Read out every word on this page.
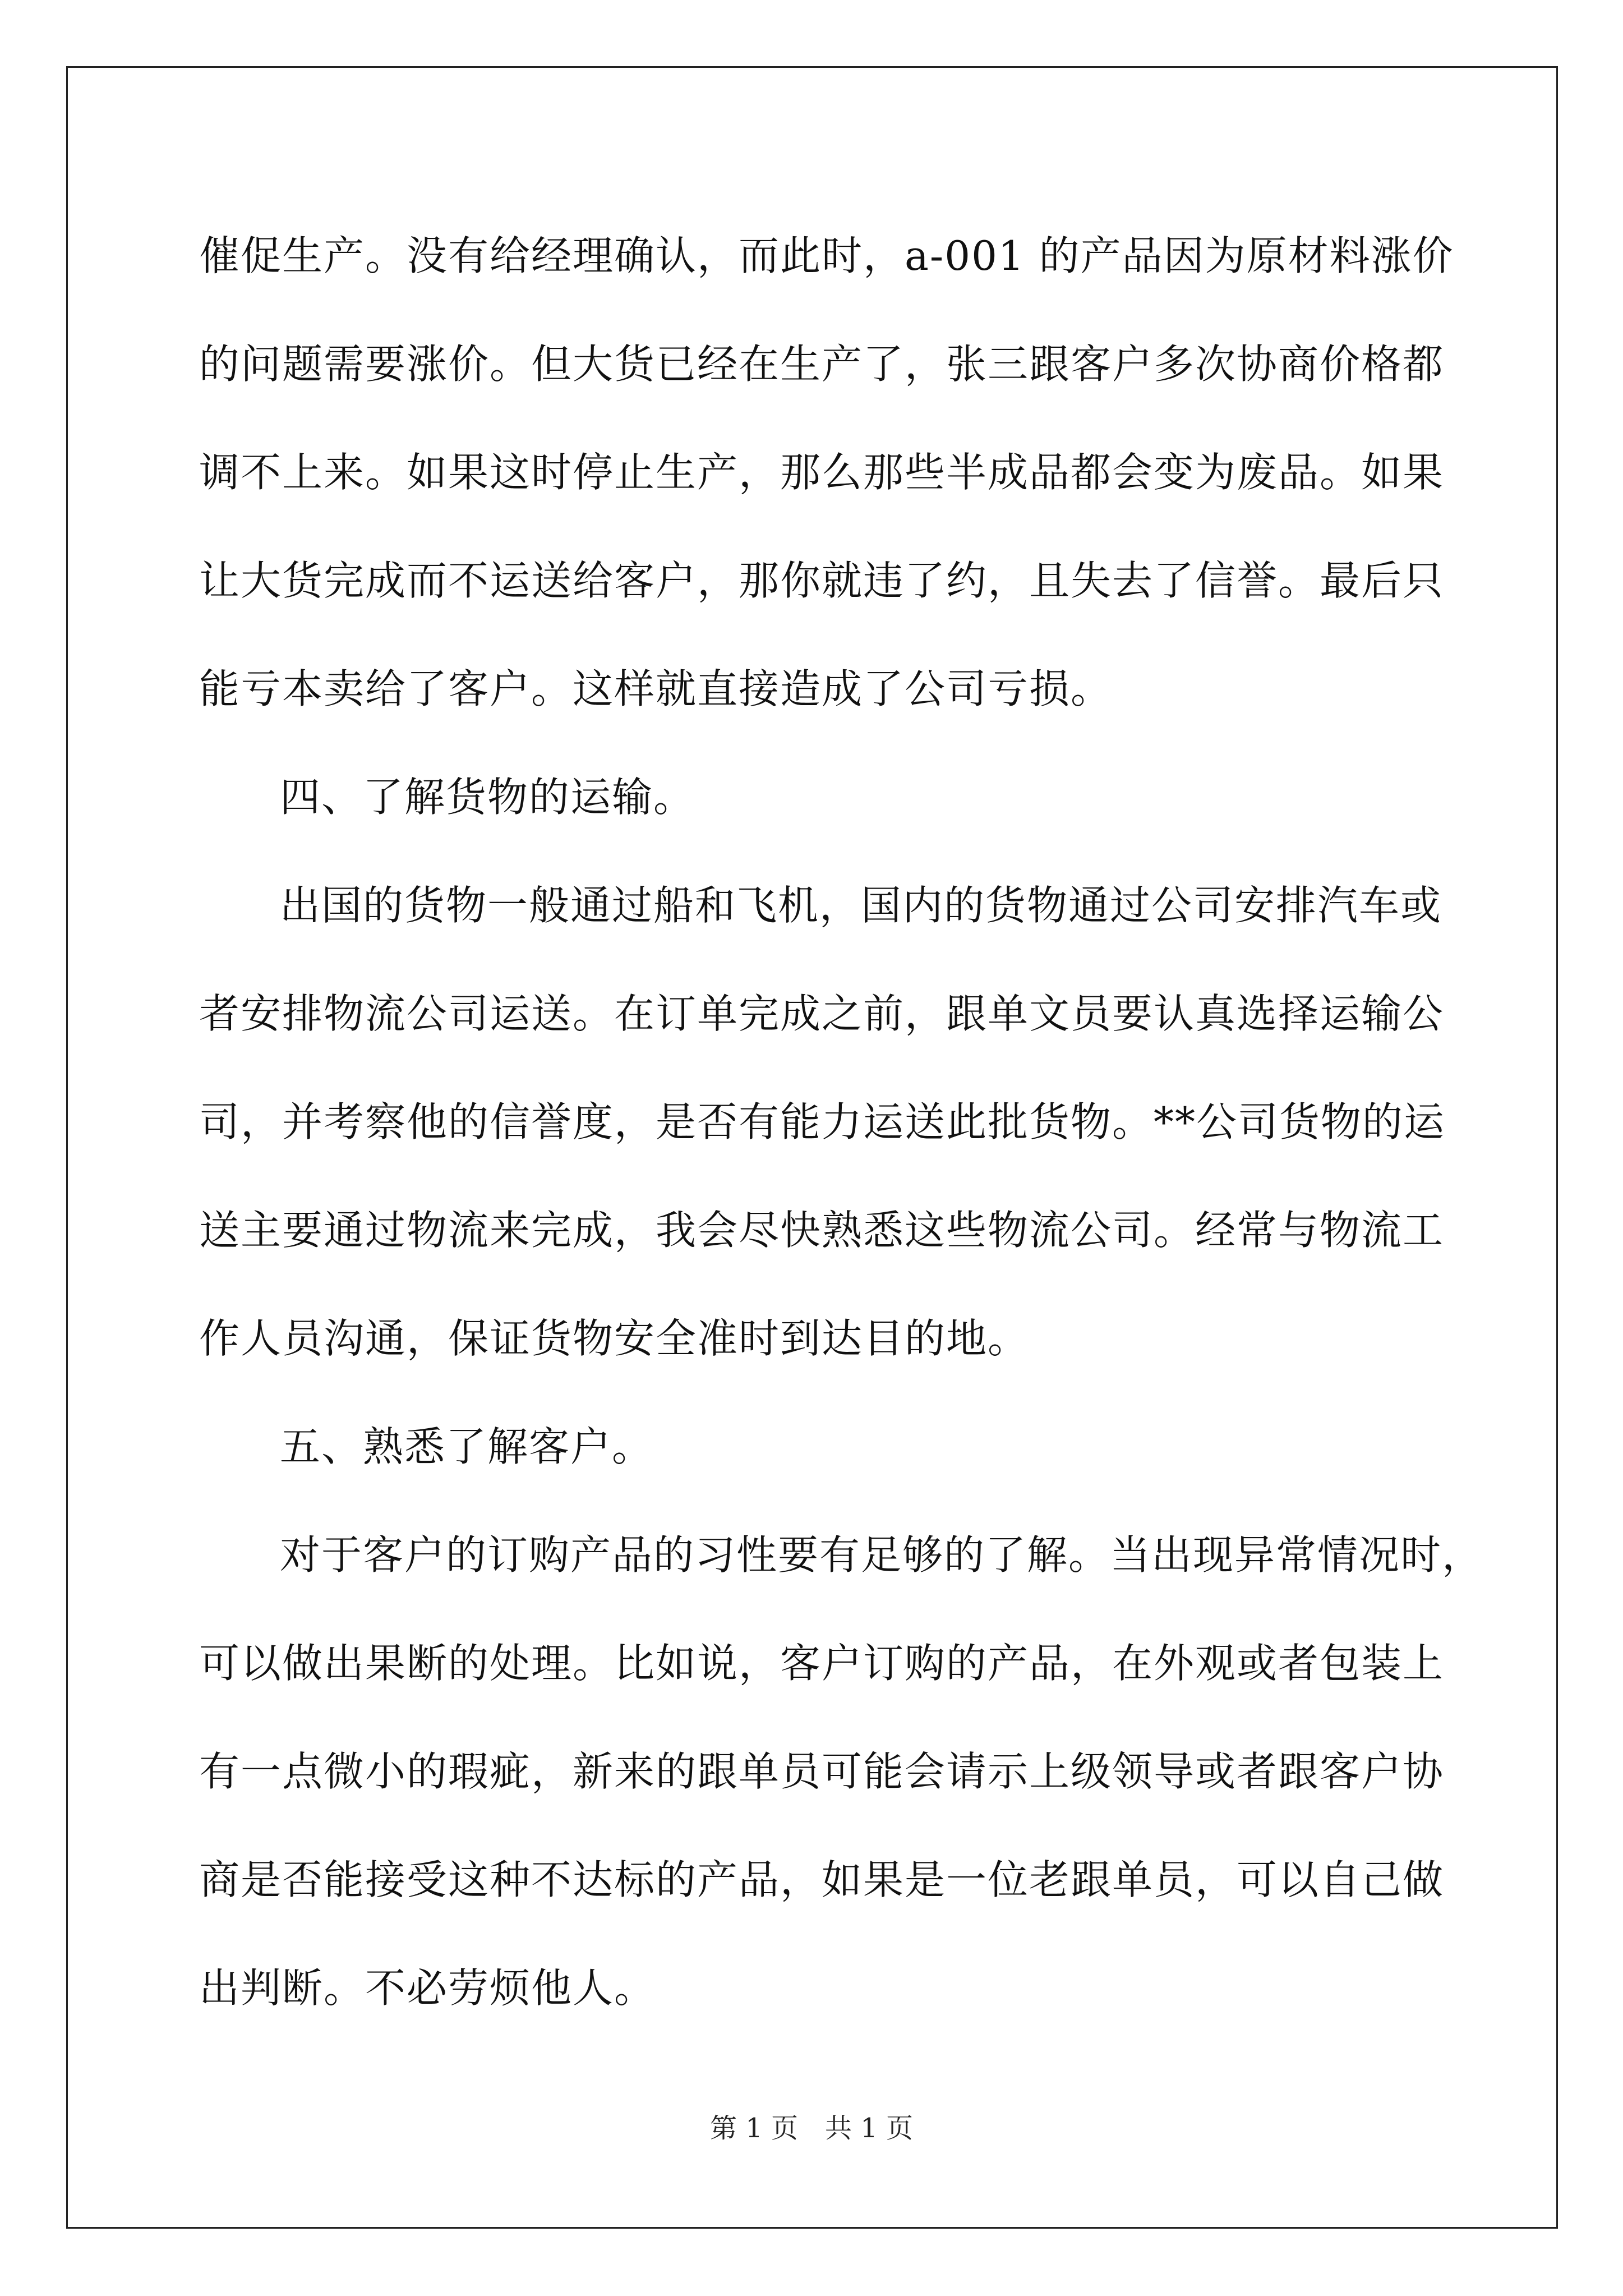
催促生产。没有给经理确认，而此时，a-001 的产品因为原材料涨价
的问题需要涨价。但大货已经在生产了，张三跟客户多次协商价格都
调不上来。如果这时停止生产，那么那些半成品都会变为废品。如果
让大货完成而不运送给客户，那你就违了约，且失去了信誉。最后只
能亏本卖给了客户。这样就直接造成了公司亏损。
四、了解货物的运输。
出国的货物一般通过船和飞机，国内的货物通过公司安排汽车或
者安排物流公司运送。在订单完成之前，跟单文员要认真选择运输公
司，并考察他的信誉度，是否有能力运送此批货物。**公司货物的运
送主要通过物流来完成，我会尽快熟悉这些物流公司。经常与物流工
作人员沟通，保证货物安全准时到达目的地。
五、熟悉了解客户。
对于客户的订购产品的习性要有足够的了解。当出现异常情况时，
可以做出果断的处理。比如说，客户订购的产品，在外观或者包装上
有一点微小的瑕疵，新来的跟单员可能会请示上级领导或者跟客户协
商是否能接受这种不达标的产品，如果是一位老跟单员，可以自己做
出判断。不必劳烦他人。
第 1 页　共 1 页
